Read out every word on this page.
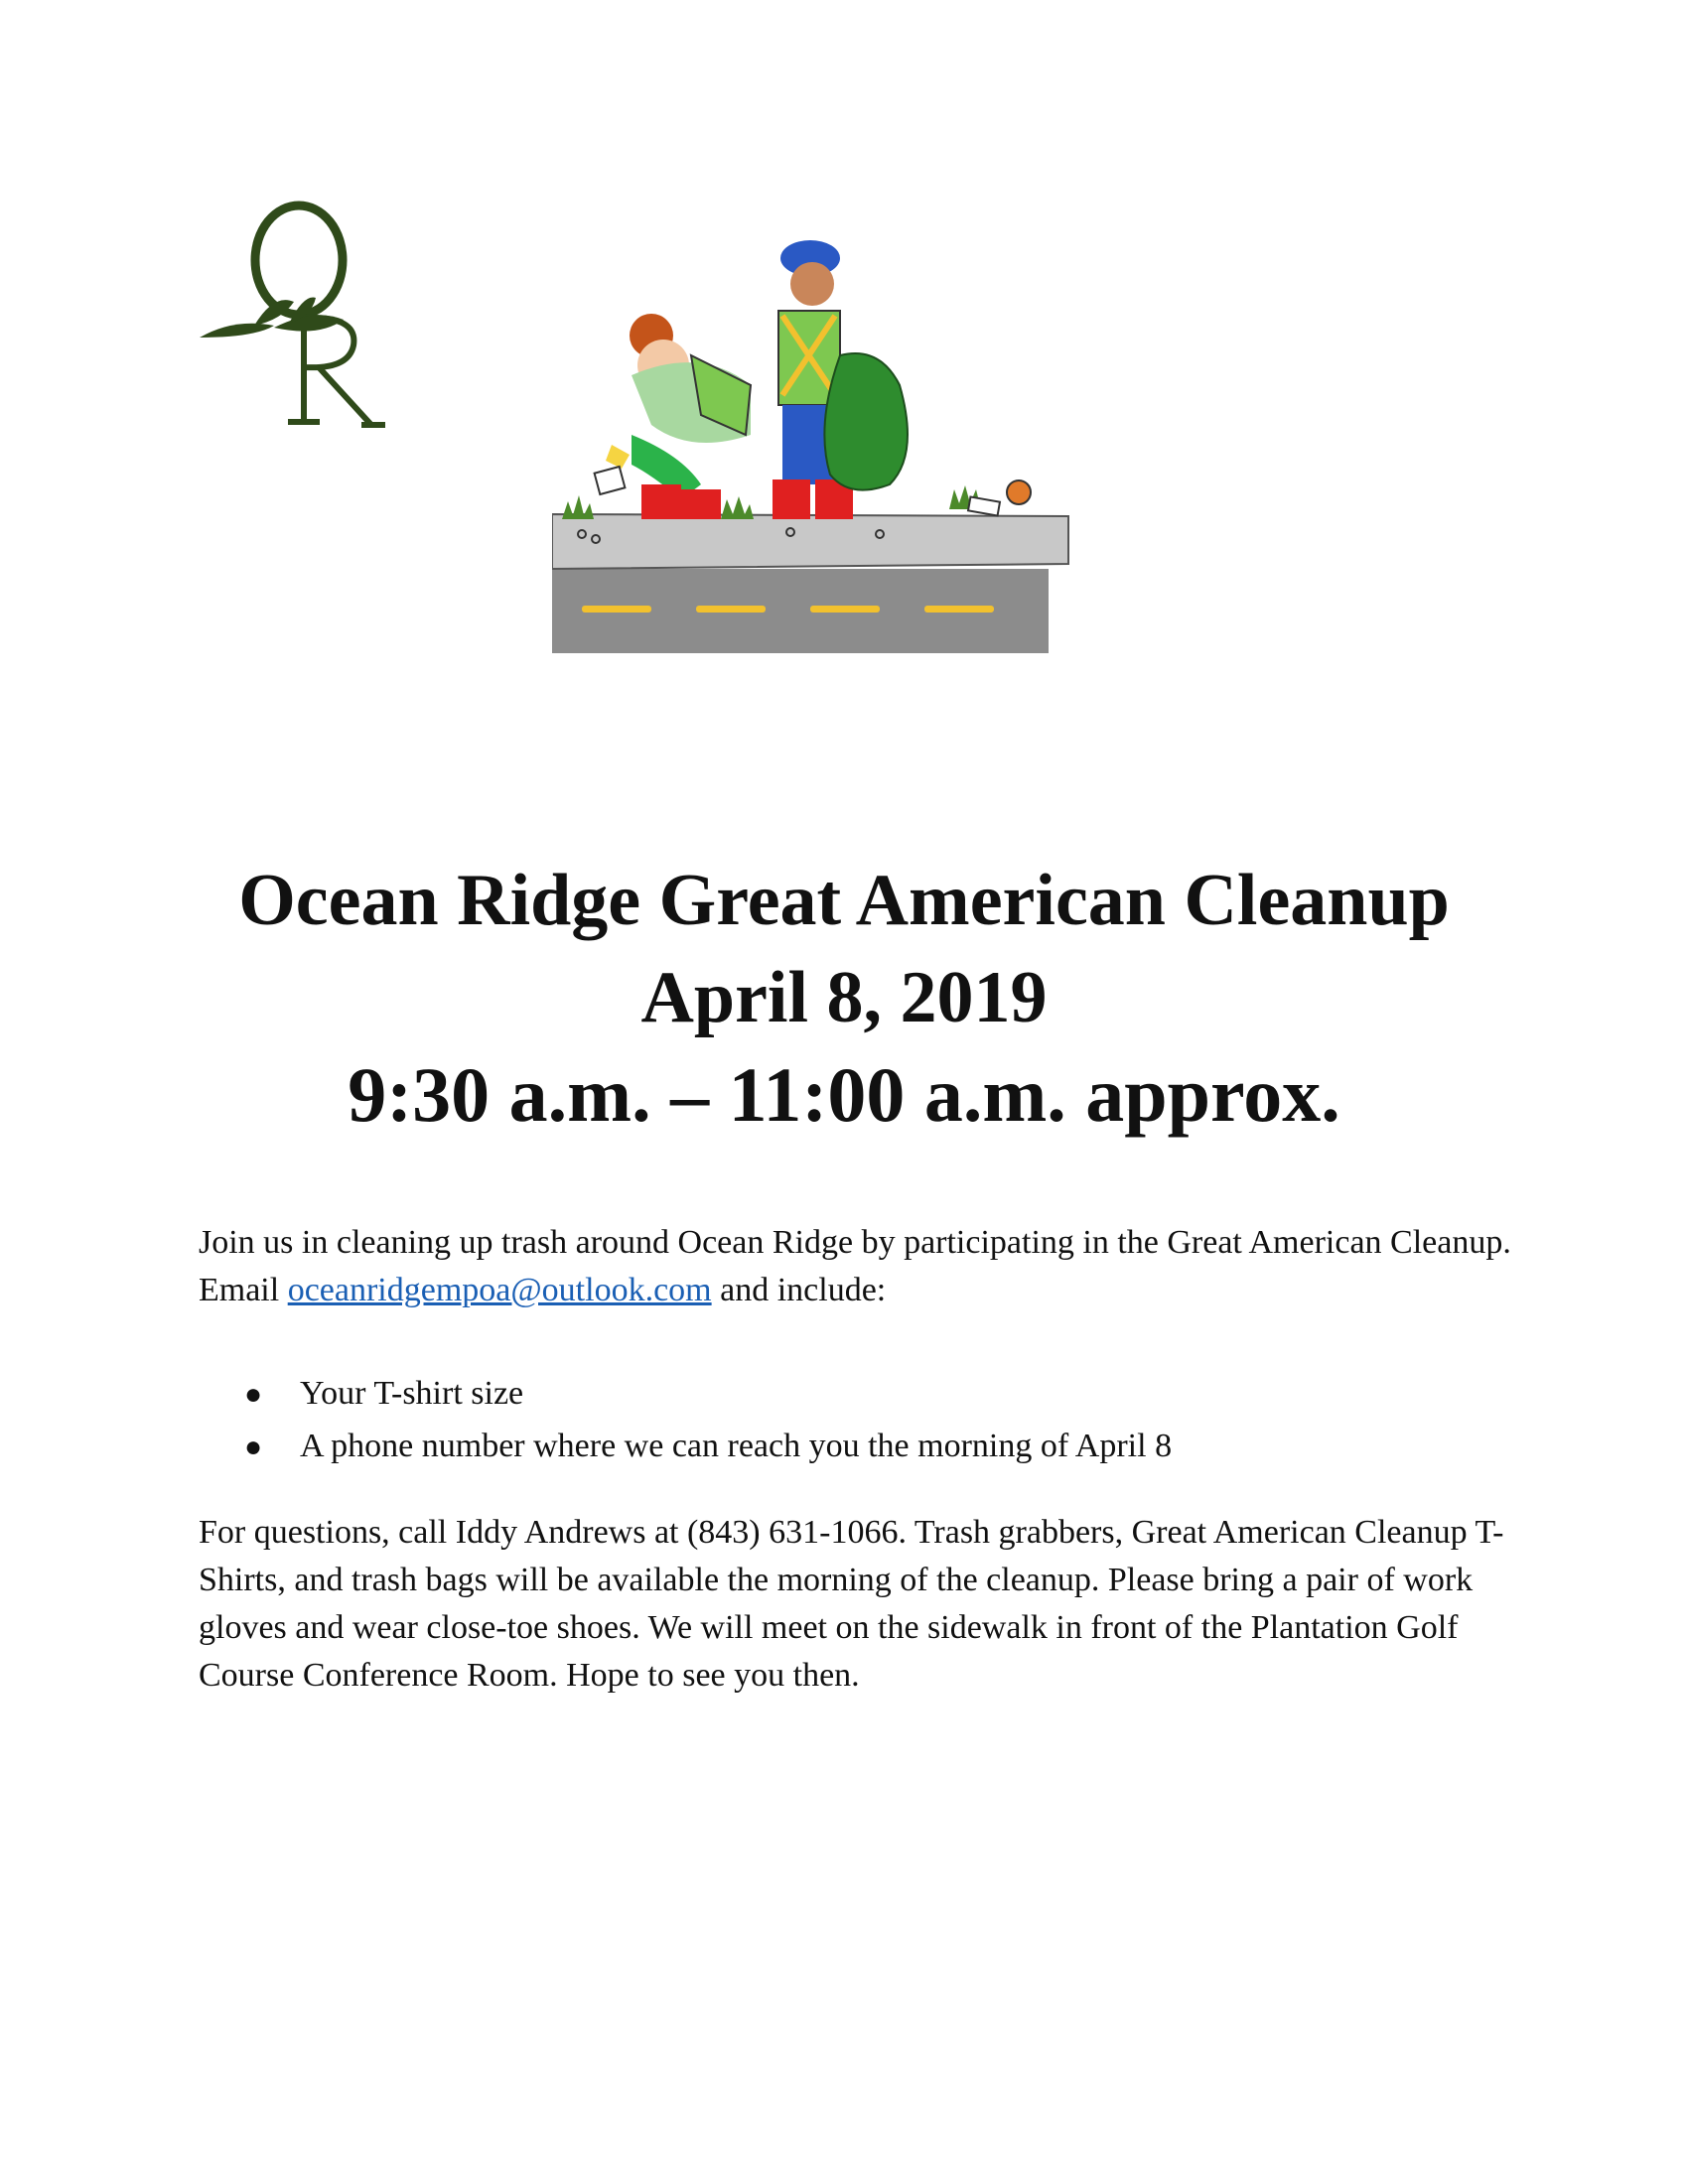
Ocean Ridge Great American Cleanup
April 8, 2019
9:30 a.m. – 11:00 a.m. approx.
Join us in cleaning up trash around Ocean Ridge by participating in the Great American Cleanup. Email oceanridgempoa@outlook.com and include:
●	Your T-shirt size
●	A phone number where we can reach you the morning of April 8
For questions, call Iddy Andrews at (843) 631-1066. Trash grabbers, Great American Cleanup T-Shirts, and trash bags will be available the morning of the cleanup. Please bring a pair of work gloves and wear close-toe shoes. We will meet on the sidewalk in front of the Plantation Golf Course Conference Room. Hope to see you then.
